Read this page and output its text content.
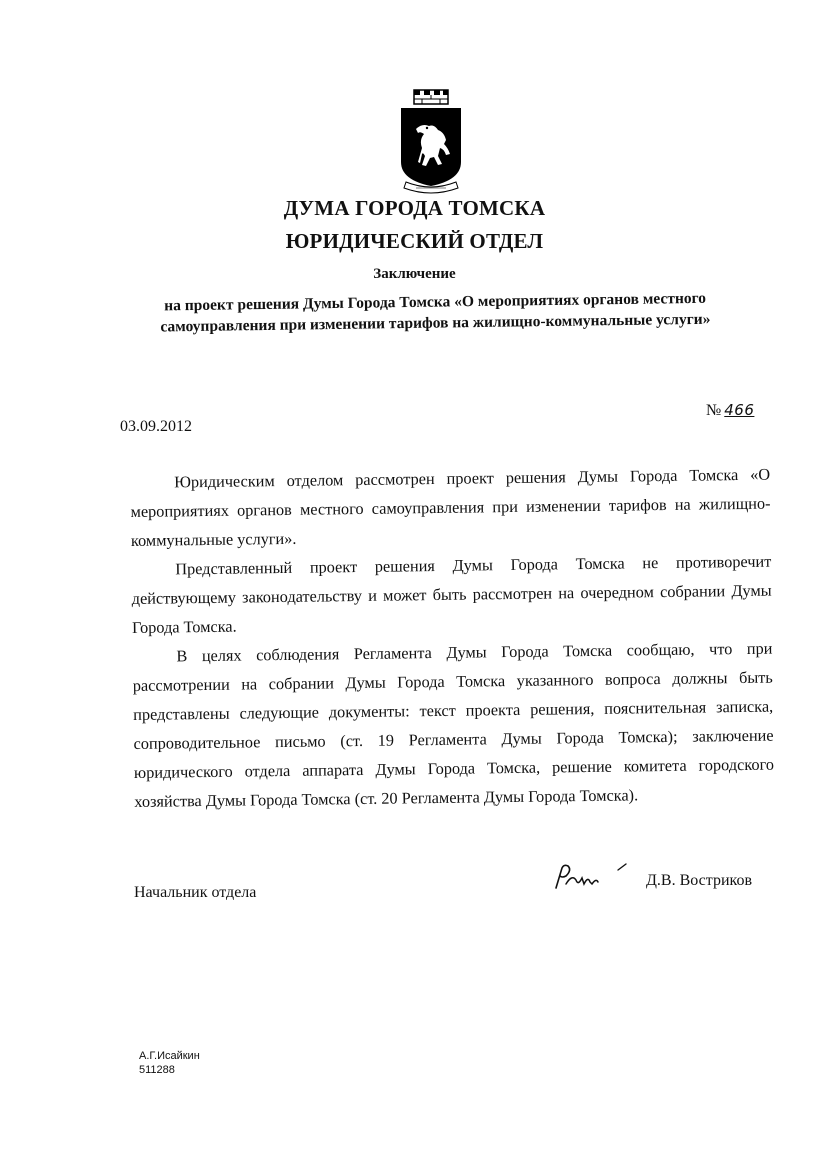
ДУМА ГОРОДА ТОМСКА
ЮРИДИЧЕСКИЙ ОТДЕЛ
Заключение
на проект решения Думы Города Томска «О мероприятиях органов местного самоуправления при изменении тарифов на жилищно-коммунальные услуги»
03.09.2012
№ 466

Юридическим отделом рассмотрен проект решения Думы Города Томска «О мероприятиях органов местного самоуправления при изменении тарифов на жилищно-коммунальные услуги».

Представленный проект решения Думы Города Томска не противоречит действующему законодательству и может быть рассмотрен на очередном собрании Думы Города Томска.

В целях соблюдения Регламента Думы Города Томска сообщаю, что при рассмотрении на собрании Думы Города Томска указанного вопроса должны быть представлены следующие документы: текст проекта решения, пояснительная записка, сопроводительное письмо (ст. 19 Регламента Думы Города Томска); заключение юридического отдела аппарата Думы Города Томска, решение комитета городского хозяйства Думы Города Томска (ст. 20 Регламента Думы Города Томска).

Начальник отдела
Д.В. Востриков
А.Г.Исайкин
511288
